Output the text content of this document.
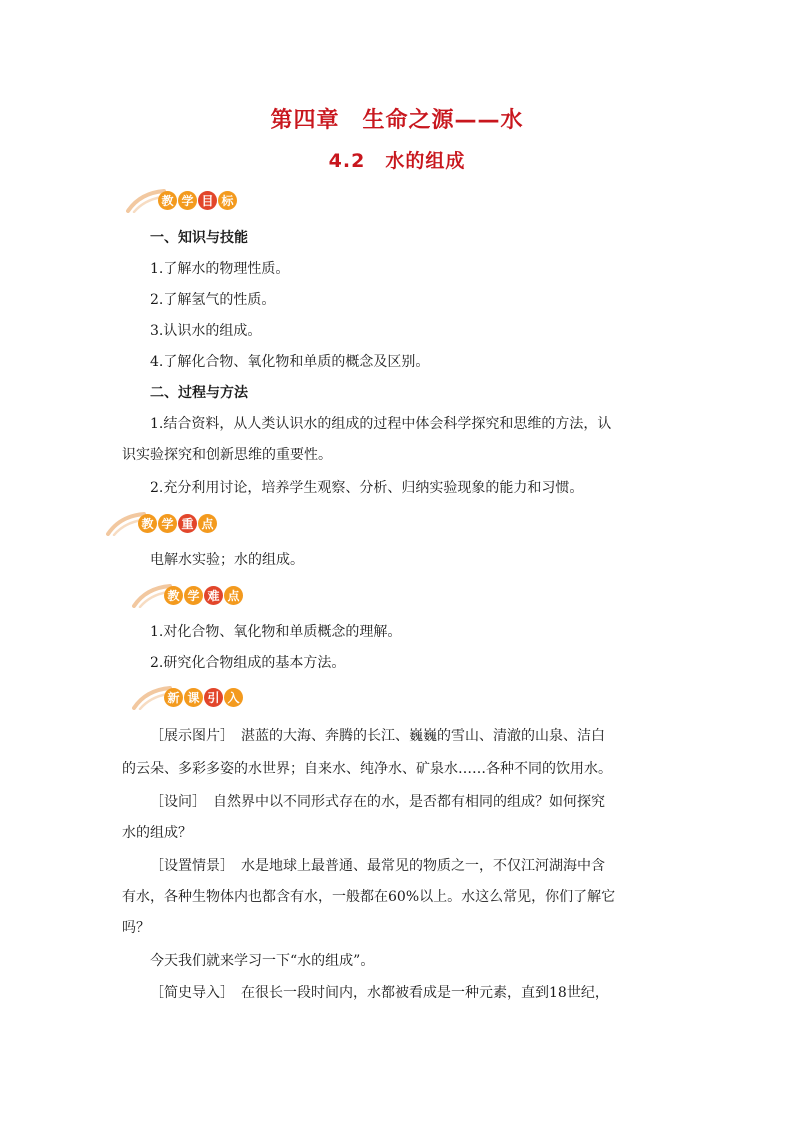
第四章　生命之源——水
4.2　水的组成
教 学 目 标
一、知识与技能
1.了解水的物理性质。
2.了解氢气的性质。
3.认识水的组成。
4.了解化合物、氧化物和单质的概念及区别。
二、过程与方法
1.结合资料，从人类认识水的组成的过程中体会科学探究和思维的方法，认
识实验探究和创新思维的重要性。
2.充分利用讨论，培养学生观察、分析、归纳实验现象的能力和习惯。
教 学 重 点
电解水实验；水的组成。
教 学 难 点
1.对化合物、氧化物和单质概念的理解。
2.研究化合物组成的基本方法。
新 课 引 入
［展示图片］　湛蓝的大海、奔腾的长江、巍巍的雪山、清澈的山泉、洁白
的云朵、多彩多姿的水世界；自来水、纯净水、矿泉水……各种不同的饮用水。
［设问］　自然界中以不同形式存在的水，是否都有相同的组成？如何探究
水的组成？
［设置情景］　水是地球上最普通、最常见的物质之一，不仅江河湖海中含
有水，各种生物体内也都含有水，一般都在60%以上。水这么常见，你们了解它
吗？
今天我们就来学习一下“水的组成”。
［简史导入］　在很长一段时间内，水都被看成是一种元素，直到18世纪，
